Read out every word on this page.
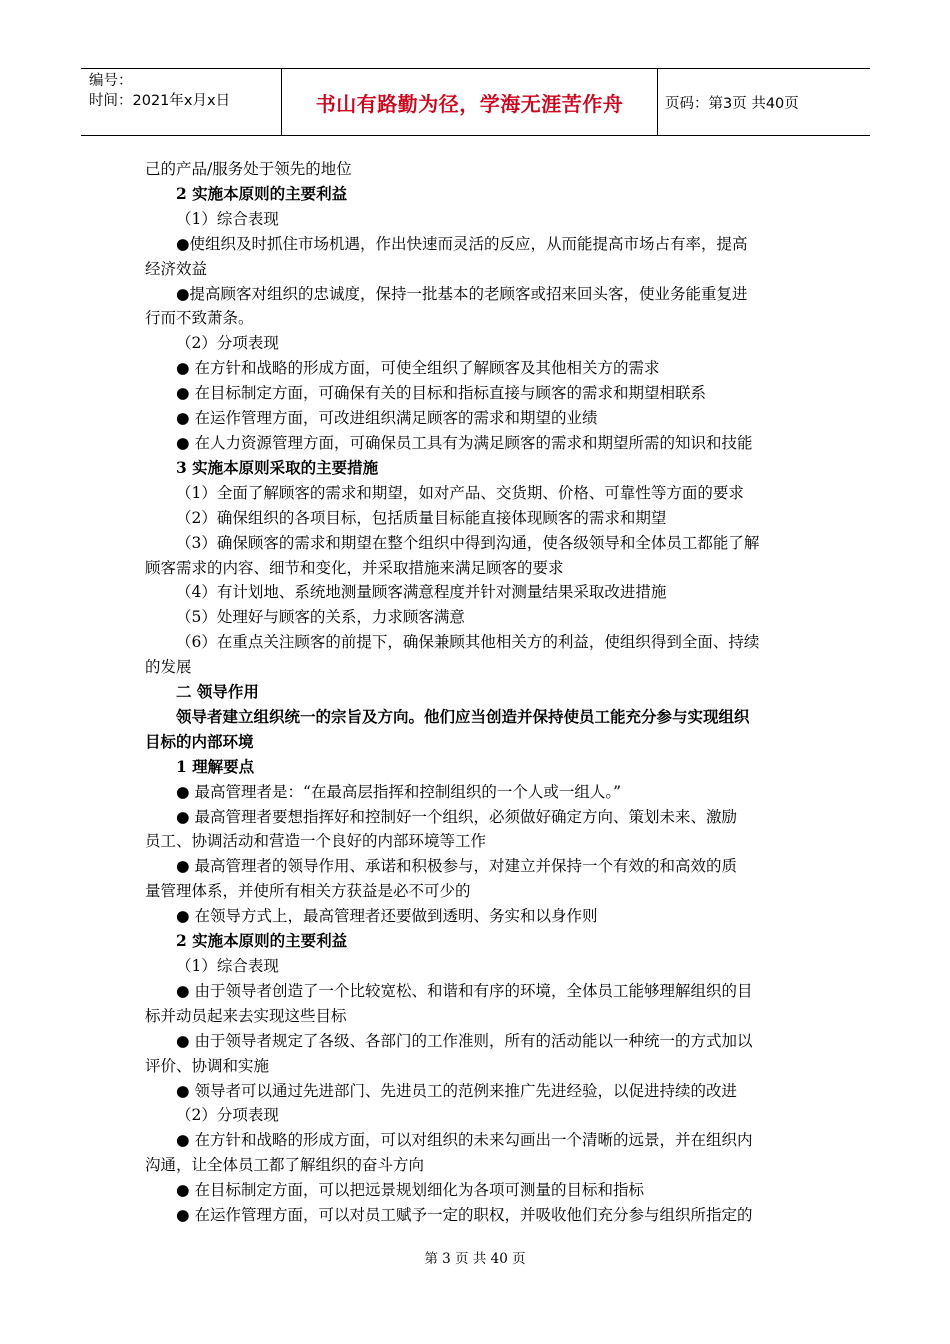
编号：
时间：2021年x月x日	书山有路勤为径，学海无涯苦作舟	页码：第3页 共40页
己的产品/服务处于领先的地位
2 实施本原则的主要利益
（1）综合表现
●使组织及时抓住市场机遇，作出快速而灵活的反应，从而能提高市场占有率，提高
经济效益
●提高顾客对组织的忠诚度，保持一批基本的老顾客或招来回头客，使业务能重复进
行而不致萧条。
（2）分项表现
● 在方针和战略的形成方面，可使全组织了解顾客及其他相关方的需求
● 在目标制定方面，可确保有关的目标和指标直接与顾客的需求和期望相联系
● 在运作管理方面，可改进组织满足顾客的需求和期望的业绩
● 在人力资源管理方面，可确保员工具有为满足顾客的需求和期望所需的知识和技能
3 实施本原则采取的主要措施
（1）全面了解顾客的需求和期望，如对产品、交货期、价格、可靠性等方面的要求
（2）确保组织的各项目标，包括质量目标能直接体现顾客的需求和期望
（3）确保顾客的需求和期望在整个组织中得到沟通，使各级领导和全体员工都能了解
顾客需求的内容、细节和变化，并采取措施来满足顾客的要求
（4）有计划地、系统地测量顾客满意程度并针对测量结果采取改进措施
（5）处理好与顾客的关系，力求顾客满意
（6）在重点关注顾客的前提下，确保兼顾其他相关方的利益，使组织得到全面、持续
的发展
二 领导作用
领导者建立组织统一的宗旨及方向。他们应当创造并保持使员工能充分参与实现组织
目标的内部环境
1 理解要点
● 最高管理者是：“在最高层指挥和控制组织的一个人或一组人。”
● 最高管理者要想指挥好和控制好一个组织，必须做好确定方向、策划未来、激励
员工、协调活动和营造一个良好的内部环境等工作
● 最高管理者的领导作用、承诺和积极参与，对建立并保持一个有效的和高效的质
量管理体系，并使所有相关方获益是必不可少的
● 在领导方式上，最高管理者还要做到透明、务实和以身作则
2 实施本原则的主要利益
（1）综合表现
● 由于领导者创造了一个比较宽松、和谐和有序的环境，全体员工能够理解组织的目
标并动员起来去实现这些目标
● 由于领导者规定了各级、各部门的工作准则，所有的活动能以一种统一的方式加以
评价、协调和实施
● 领导者可以通过先进部门、先进员工的范例来推广先进经验，以促进持续的改进
（2）分项表现
● 在方针和战略的形成方面，可以对组织的未来勾画出一个清晰的远景，并在组织内
沟通，让全体员工都了解组织的奋斗方向
● 在目标制定方面，可以把远景规划细化为各项可测量的目标和指标
● 在运作管理方面，可以对员工赋予一定的职权，并吸收他们充分参与组织所指定的
第 3 页 共 40 页
